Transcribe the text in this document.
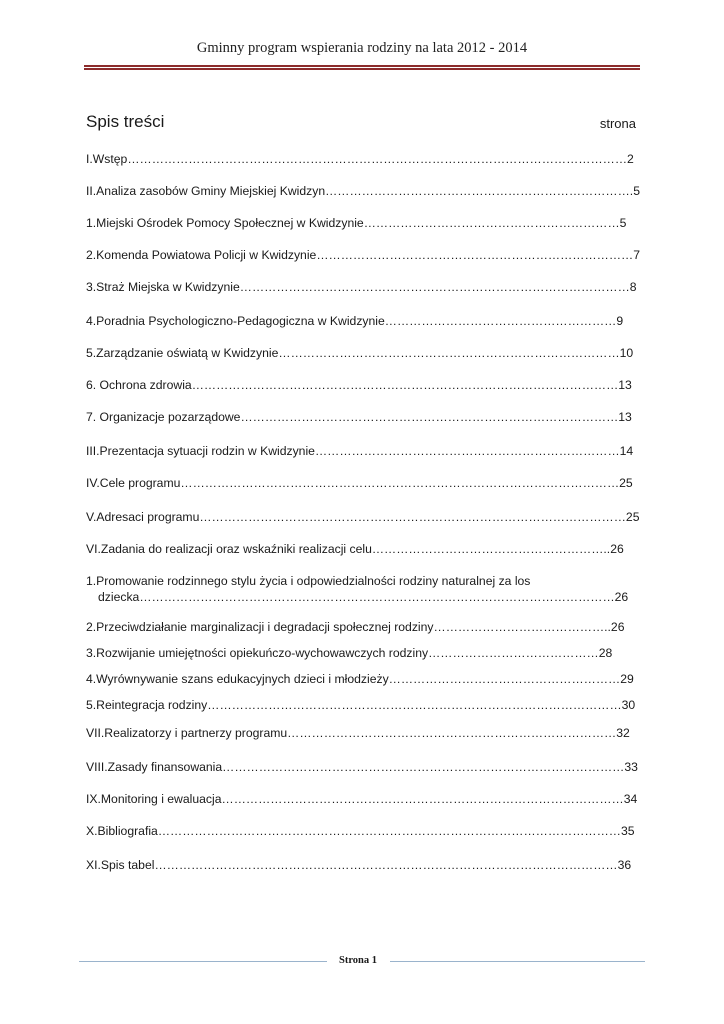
Gminny program wspierania rodziny na lata 2012 - 2014
Spis treści	strona
I.Wstęp……………………………………………………………………………………………………………2
II.Analiza zasobów Gminy Miejskiej Kwidzyn………………………………………………………………….5
1.Miejski Ośrodek Pomocy Społecznej w Kwidzynie………………………………………………………5
2.Komenda Powiatowa Policji w Kwidzynie……………………………………………………………………7
3.Straż Miejska w Kwidzynie……………………………………………………………………………………8
4.Poradnia Psychologiczno-Pedagogiczna w Kwidzynie…………………………………………………9
5.Zarządzanie oświatą w Kwidzynie…………………………………………………………………………10
6. Ochrona zdrowia……………………………………………………………………………………………13
7. Organizacje pozarządowe…………………………………………………………………………………13
III.Prezentacja sytuacji rodzin w Kwidzynie…………………………………………………………………14
IV.Cele programu………………………………………………………………………………………………25
V.Adresaci programu……………………………………………………………………………………………25
VI.Zadania do realizacji oraz wskaźniki realizacji celu…………………………………………………..26
1.Promowanie rodzinnego stylu życia i odpowiedzialności rodziny naturalnej za los
dziecka………………………………………………………………………………………………………26
2.Przeciwdziałanie marginalizacji i degradacji społecznej rodziny……………………………………..26
3.Rozwijanie umiejętności opiekuńczo-wychowawczych rodziny……………………………………28
4.Wyrównywanie szans edukacyjnych dzieci i młodzieży…………………………………………………29
5.Reintegracja rodziny…………………………………………………………………………………………30
VII.Realizatorzy i partnerzy programu………………………………………………………………………32
VIII.Zasady finansowania………………………………………………………………………………………33
IX.Monitoring i ewaluacja………………………………………………………………………………………34
X.Bibliografia……………………………………………………………………………………………………35
XI.Spis tabel……………………………………………………………………………………………………36
Strona 1
